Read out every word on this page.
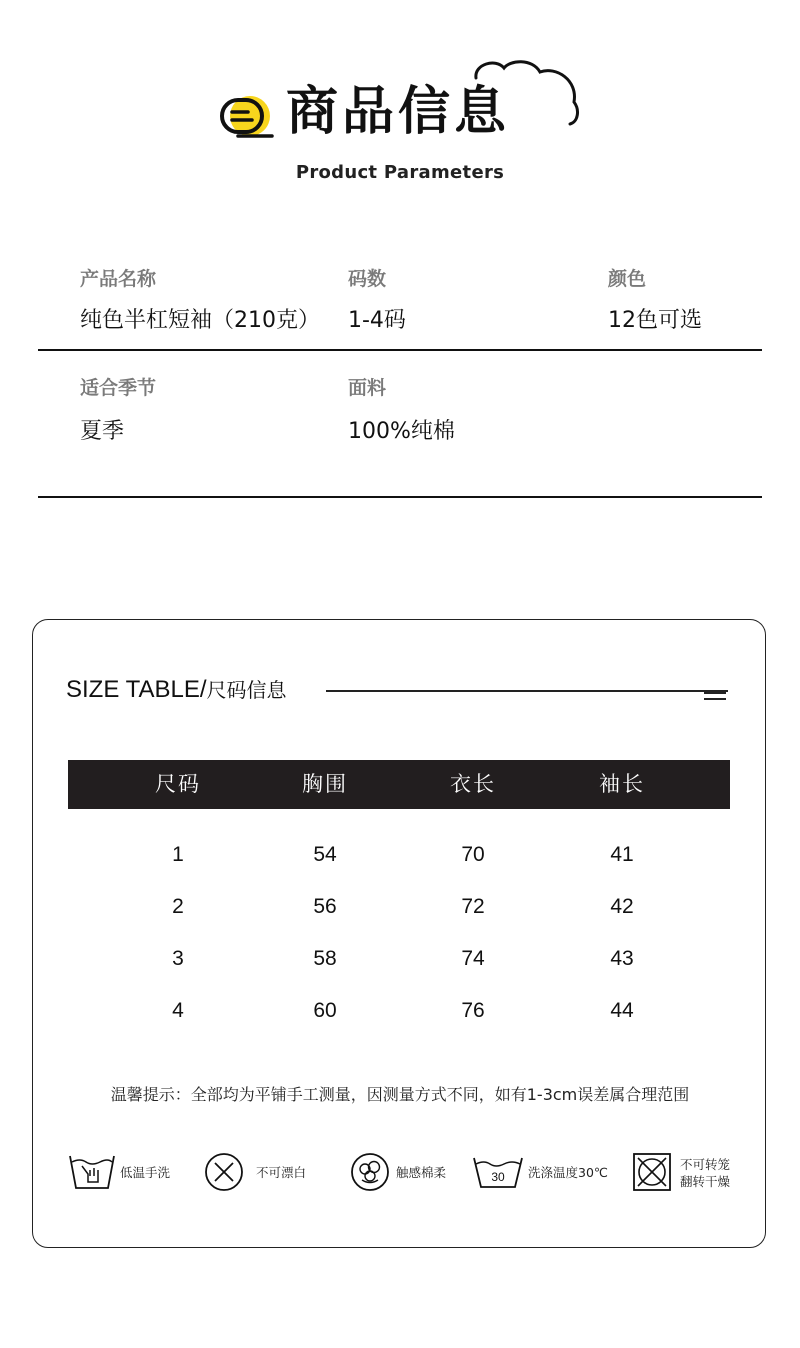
商品信息
Product Parameters
产品名称
纯色半杠短袖（210克）
码数
1-4码
颜色
12色可选
适合季节
夏季
面料
100%纯棉
SIZE TABLE/尺码信息
尺码	胸围	衣长	袖长
1	54	70	41
2	56	72	42
3	58	74	43
4	60	76	44
温馨提示：全部均为平铺手工测量，因测量方式不同，如有1-3cm误差属合理范围
低温手洗	不可漂白	触感棉柔	30 洗涤温度30℃
不可转笼
翻转干燥
